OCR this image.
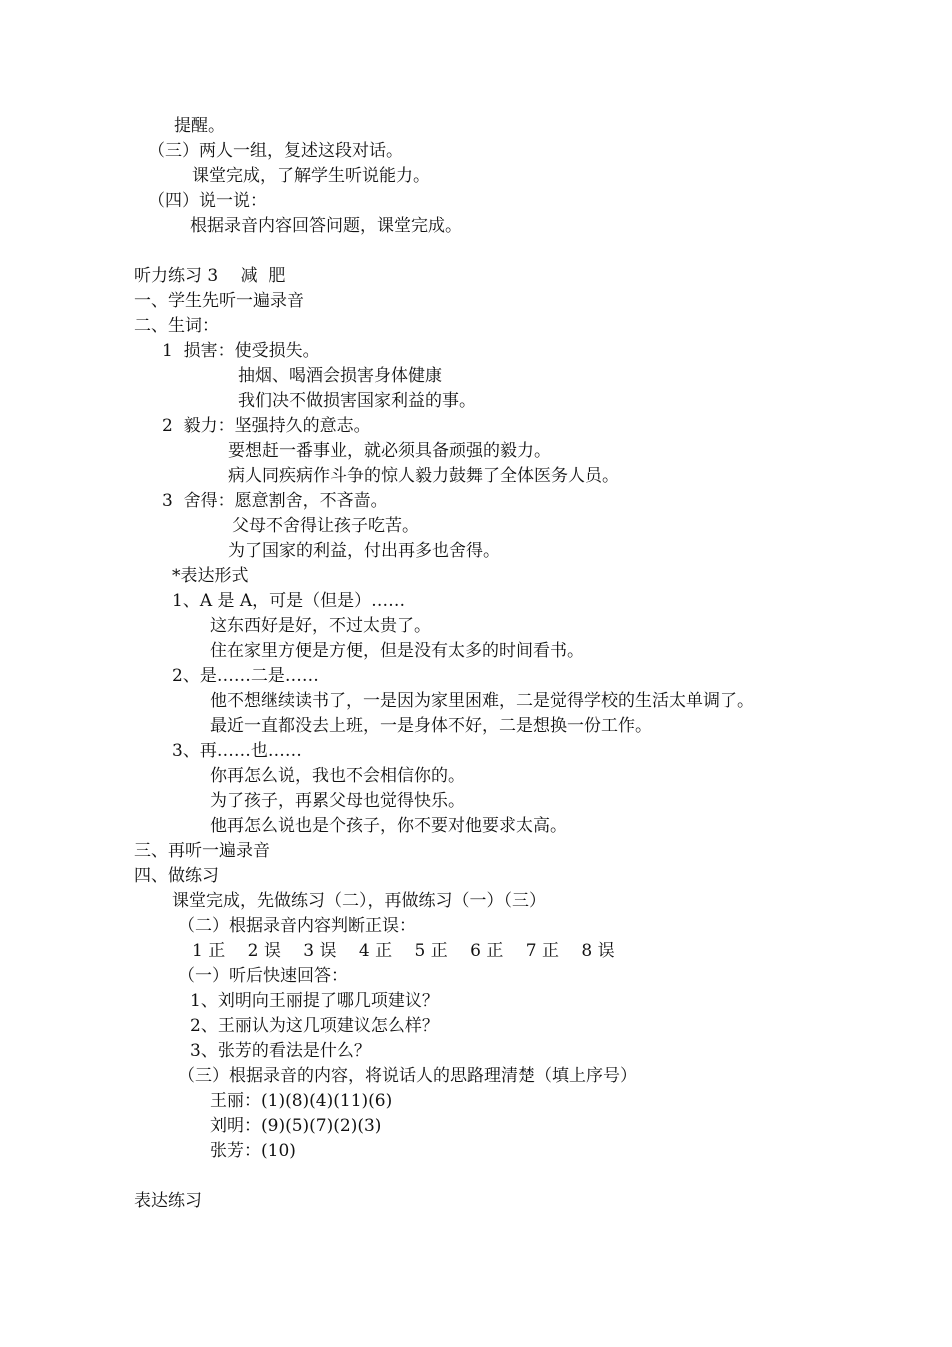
提醒。
（三）两人一组，复述这段对话。
课堂完成，了解学生听说能力。
（四）说一说：
根据录音内容回答问题，课堂完成。
听力练习 3　 减  肥
一、学生先听一遍录音
二、生词：
1  损害：使受损失。
抽烟、喝酒会损害身体健康
我们决不做损害国家利益的事。
2  毅力：坚强持久的意志。
要想赶一番事业，就必须具备顽强的毅力。
病人同疾病作斗争的惊人毅力鼓舞了全体医务人员。
3  舍得：愿意割舍，不吝啬。
父母不舍得让孩子吃苦。
为了国家的利益，付出再多也舍得。
*表达形式
1、A 是 A，可是（但是）……
这东西好是好，不过太贵了。
住在家里方便是方便，但是没有太多的时间看书。
2、是……二是……
他不想继续读书了，一是因为家里困难，二是觉得学校的生活太单调了。
最近一直都没去上班，一是身体不好，二是想换一份工作。
3、再……也……
你再怎么说，我也不会相信你的。
为了孩子，再累父母也觉得快乐。
他再怎么说也是个孩子，你不要对他要求太高。
三、再听一遍录音
四、做练习
课堂完成，先做练习（二），再做练习（一）（三）
（二）根据录音内容判断正误：
1 正　 2 误　 3 误　 4 正　 5 正　 6 正　 7 正　 8 误
（一）听后快速回答：
1、刘明向王丽提了哪几项建议？
2、王丽认为这几项建议怎么样？
3、张芳的看法是什么？
（三）根据录音的内容，将说话人的思路理清楚（填上序号）
王丽：(1)(8)(4)(11)(6)
刘明：(9)(5)(7)(2)(3)
张芳：(10)
表达练习
